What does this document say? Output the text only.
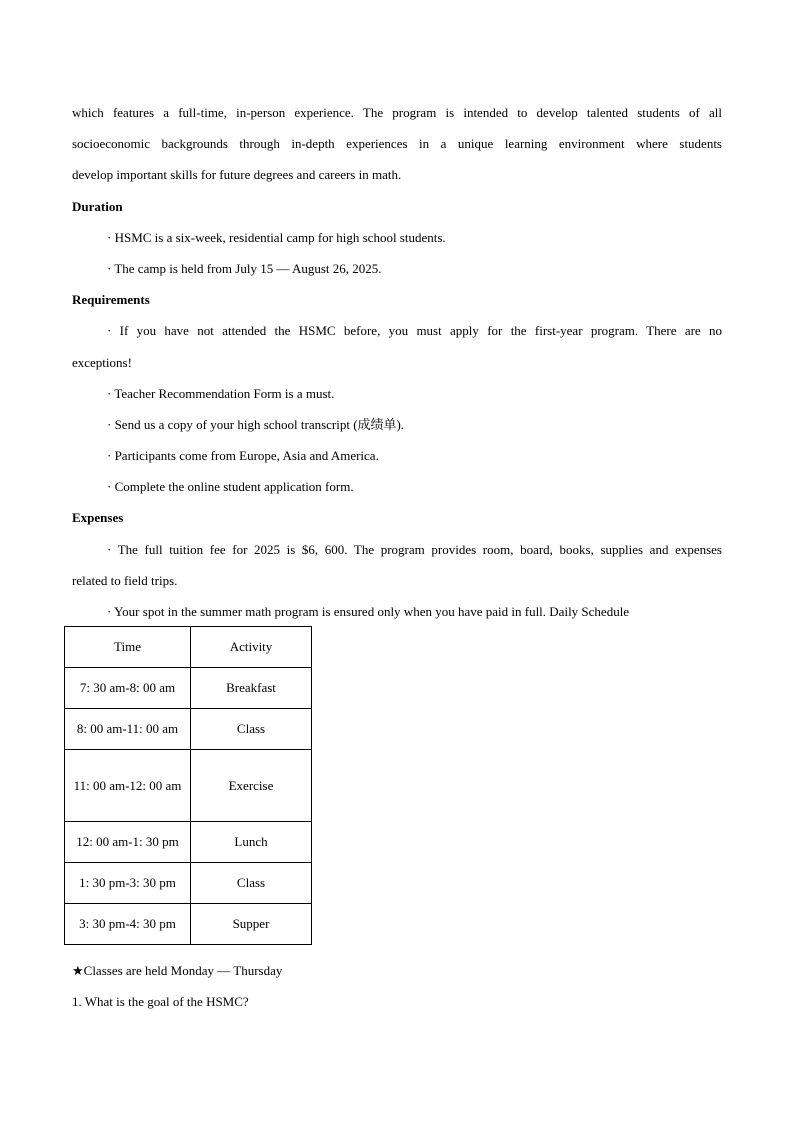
which features a full-time, in-person experience. The program is intended to develop talented students of all
socioeconomic backgrounds through in-depth experiences in a unique learning environment where students
develop important skills for future degrees and careers in math.
Duration
· HSMC is a six-week, residential camp for high school students.
· The camp is held from July 15 — August 26, 2025.
Requirements
· If you have not attended the HSMC before, you must apply for the first-year program. There are no
exceptions!
· Teacher Recommendation Form is a must.
· Send us a copy of your high school transcript (成绩单).
· Participants come from Europe, Asia and America.
· Complete the online student application form.
Expenses
· The full tuition fee for 2025 is $6, 600. The program provides room, board, books, supplies and expenses
related to field trips.
· Your spot in the summer math program is ensured only when you have paid in full. Daily Schedule
Time	Activity
7: 30 am-8: 00 am	Breakfast
8: 00 am-11: 00 am	Class
11: 00 am-12: 00 am	Exercise
12: 00 am-1: 30 pm	Lunch
1: 30 pm-3: 30 pm	Class
3: 30 pm-4: 30 pm	Supper
★Classes are held Monday — Thursday
1. What is the goal of the HSMC?
